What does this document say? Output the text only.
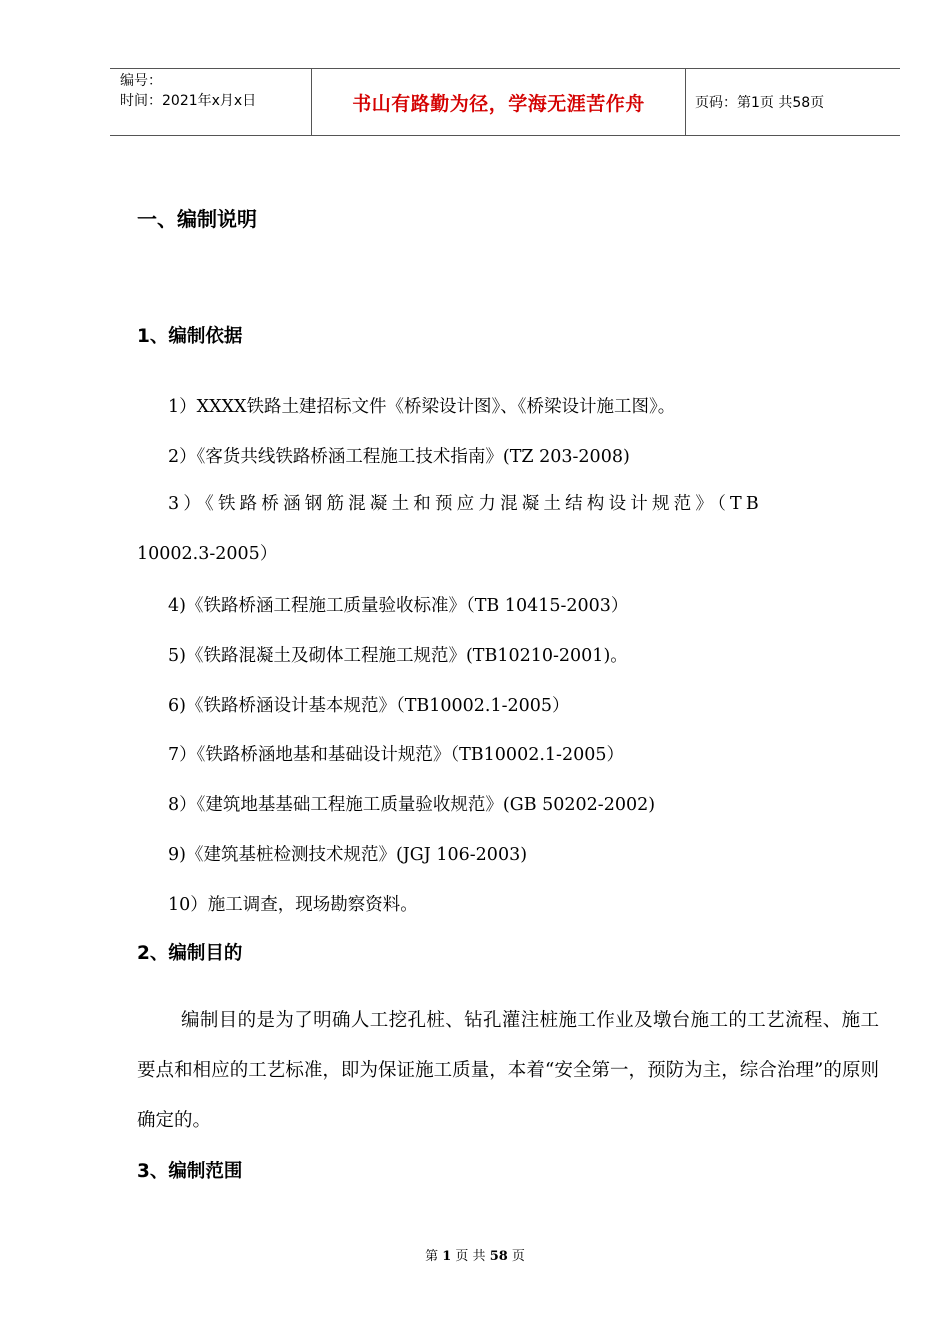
编号：
时间：2021年x月x日	书山有路勤为径，学海无涯苦作舟	页码：第1页 共58页
一、编制说明
1、编制依据
1）XXXX铁路土建招标文件《桥梁设计图》、《桥梁设计施工图》。
2）《客货共线铁路桥涵工程施工技术指南》(TZ 203-2008)
3）《铁路桥涵钢筋混凝土和预应力混凝土结构设计规范》（TB
10002.3-2005）
4)《铁路桥涵工程施工质量验收标准》（TB 10415-2003）
5)《铁路混凝土及砌体工程施工规范》(TB10210-2001)。
6)《铁路桥涵设计基本规范》（TB10002.1-2005）
7）《铁路桥涵地基和基础设计规范》（TB10002.1-2005）
8）《建筑地基基础工程施工质量验收规范》(GB 50202-2002)
9)《建筑基桩检测技术规范》(JGJ 106-2003)
10）施工调查，现场勘察资料。
2、编制目的
编制目的是为了明确人工挖孔桩、钻孔灌注桩施工作业及墩台施工的工艺流程、施工要点和相应的工艺标准，即为保证施工质量，本着“安全第一，预防为主，综合治理”的原则确定的。
3、编制范围
第 1 页 共 58 页
